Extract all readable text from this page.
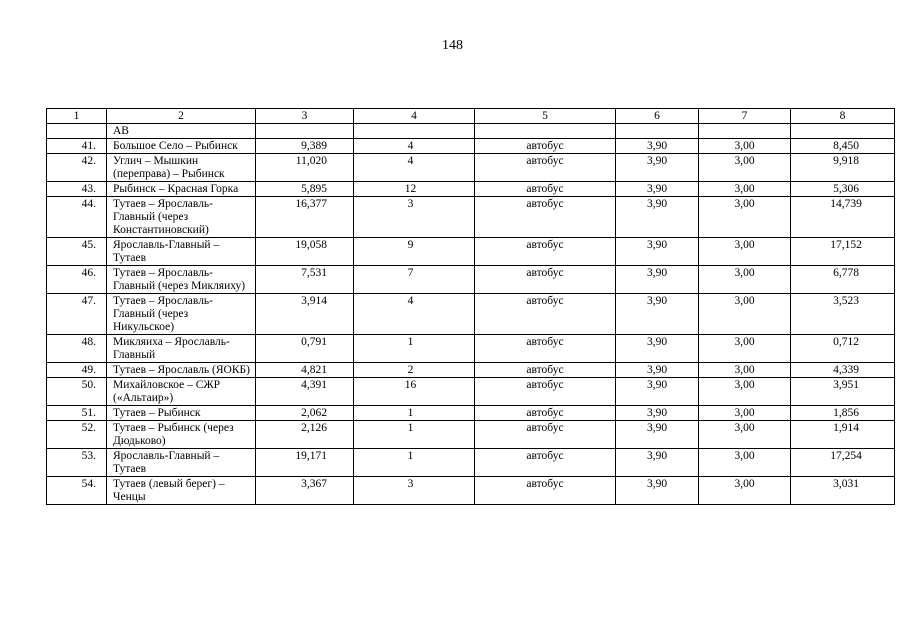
148
1	2	3	4	5	6	7	8
	АВ						
41.	Большое Село – Рыбинск	9,389	4	автобус	3,90	3,00	8,450
42.	Углич – Мышкин (переправа) – Рыбинск	11,020	4	автобус	3,90	3,00	9,918
43.	Рыбинск – Красная Горка	5,895	12	автобус	3,90	3,00	5,306
44.	Тутаев – Ярославль-Главный (через Константиновский)	16,377	3	автобус	3,90	3,00	14,739
45.	Ярославль-Главный – Тутаев	19,058	9	автобус	3,90	3,00	17,152
46.	Тутаев – Ярославль-Главный (через Микляиху)	7,531	7	автобус	3,90	3,00	6,778
47.	Тутаев – Ярославль-Главный (через Никульское)	3,914	4	автобус	3,90	3,00	3,523
48.	Микляиха – Ярославль-Главный	0,791	1	автобус	3,90	3,00	0,712
49.	Тутаев – Ярославль (ЯОКБ)	4,821	2	автобус	3,90	3,00	4,339
50.	Михайловское – СЖР («Альтаир»)	4,391	16	автобус	3,90	3,00	3,951
51.	Тутаев – Рыбинск	2,062	1	автобус	3,90	3,00	1,856
52.	Тутаев – Рыбинск (через Дюдьково)	2,126	1	автобус	3,90	3,00	1,914
53.	Ярославль-Главный – Тутаев	19,171	1	автобус	3,90	3,00	17,254
54.	Тутаев (левый берег) – Ченцы	3,367	3	автобус	3,90	3,00	3,031
